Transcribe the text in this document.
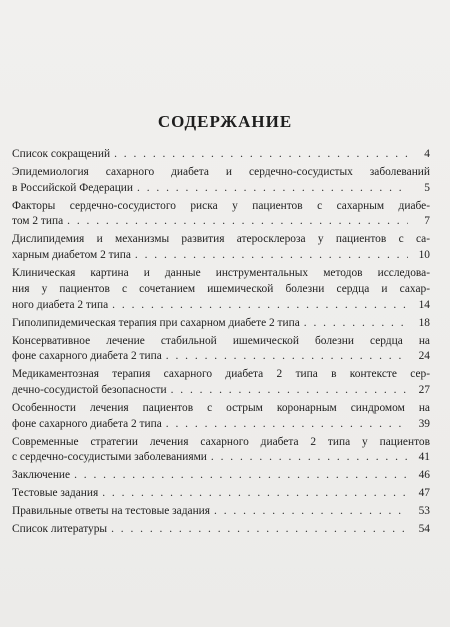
СОДЕРЖАНИЕ
Список сокращений . . .	4
Эпидемиология сахарного диабета и сердечно-сосудистых заболеваний
в Российской Федерации . . .	5
Факторы сердечно-сосудистого риска у пациентов с сахарным диабе-
том 2 типа . . .	7
Дислипидемия и механизмы развития атеросклероза у пациентов с са-
харным диабетом 2 типа . . .	10
Клиническая картина и данные инструментальных методов исследова-
ния у пациентов с сочетанием ишемической болезни сердца и сахар-
ного диабета 2 типа . . .	14
Гиполипидемическая терапия при сахарном диабете 2 типа . . .	18
Консервативное лечение стабильной ишемической болезни сердца на
фоне сахарного диабета 2 типа . . .	24
Медикаментозная терапия сахарного диабета 2 типа в контексте сер-
дечно-сосудистой безопасности . . .	27
Особенности лечения пациентов с острым коронарным синдромом на
фоне сахарного диабета 2 типа . . .	39
Современные стратегии лечения сахарного диабета 2 типа у пациентов
с сердечно-сосудистыми заболеваниями . . .	41
Заключение . . .	46
Тестовые задания . . .	47
Правильные ответы на тестовые задания . . .	53
Список литературы . . .	54
